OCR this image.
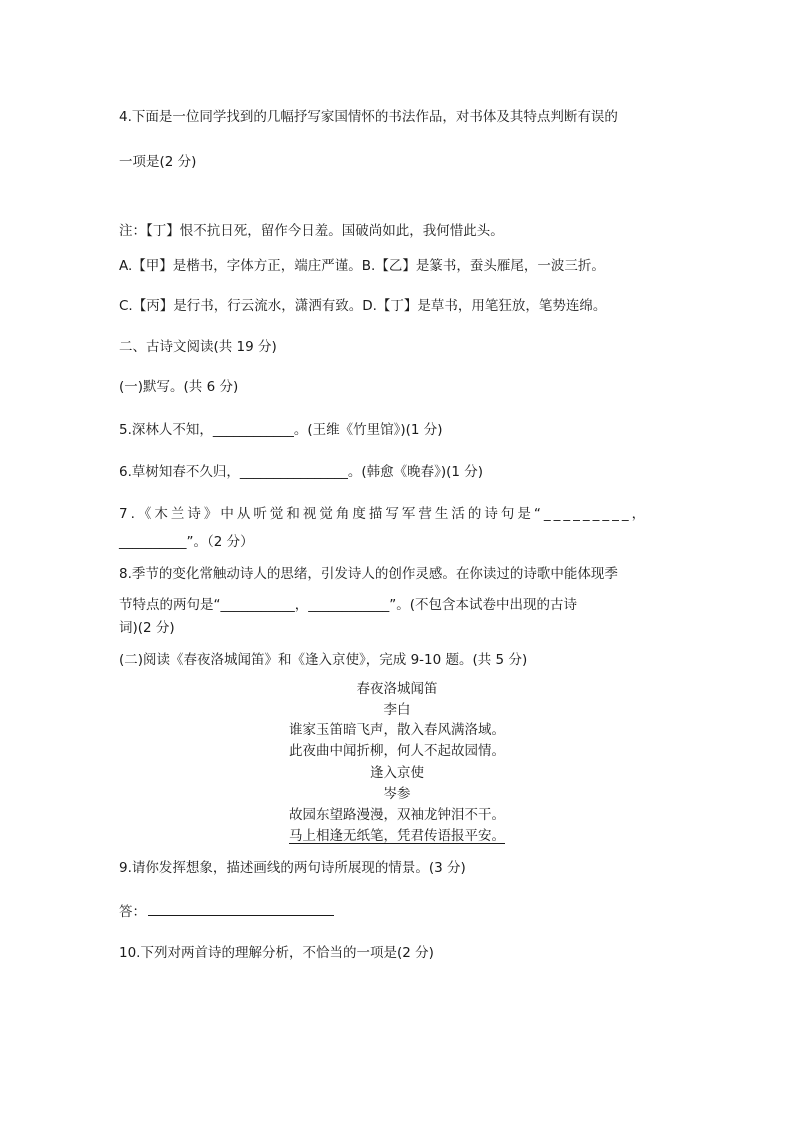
4.下面是一位同学找到的几幅抒写家国情怀的书法作品，对书体及其特点判断有误的
一项是(2 分)
注：【丁】恨不抗日死，留作今日羞。国破尚如此，我何惜此头。
A.【甲】是楷书，字体方正，端庄严谨。B.【乙】是篆书，蚕头雁尾，一波三折。
C.【丙】是行书，行云流水，潇洒有致。D.【丁】是草书，用笔狂放，笔势连绵。
二、古诗文阅读(共 19 分)
(一)默写。(共 6 分)
5.深林人不知，____________。(王维《竹里馆》)(1 分)
6.草树知春不久归，________________。(韩愈《晚春》)(1 分)
7.《木兰诗》中从听觉和视觉角度描写军营生活的诗句是“_________，
__________”。（2 分）
8.季节的变化常触动诗人的思绪，引发诗人的创作灵感。在你读过的诗歌中能体现季
节特点的两句是“___________，____________”。(不包含本试卷中出现的古诗
词)(2 分)
(二)阅读《春夜洛城闻笛》和《逢入京使》，完成 9-10 题。(共 5 分)
春夜洛城闻笛
李白
谁家玉笛暗飞声，散入春风满洛域。
此夜曲中闻折柳，何人不起故园情。
逢入京使
岑参
故园东望路漫漫，双袖龙钟泪不干。
马上相逢无纸笔，凭君传语报平安。
9.请你发挥想象，描述画线的两句诗所展现的情景。(3 分)
答：
10.下列对两首诗的理解分析，不恰当的一项是(2 分)
